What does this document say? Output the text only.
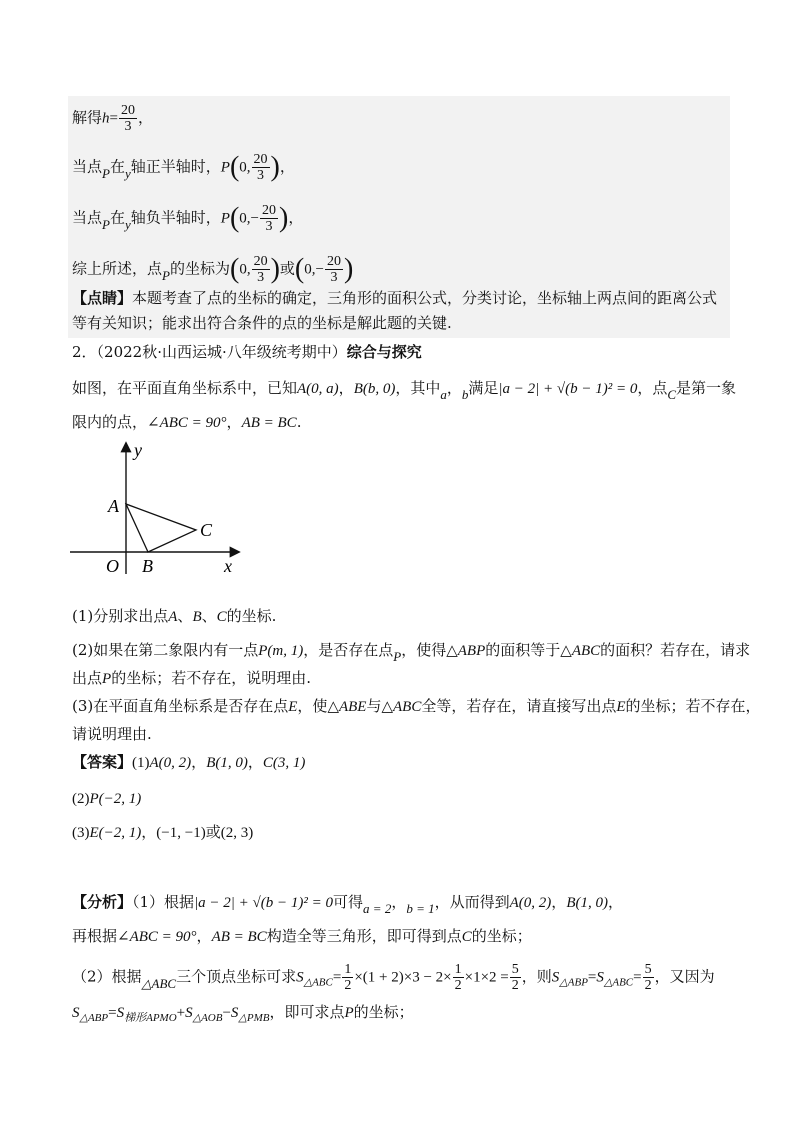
解得$h= \frac{20}{3}$ ，
当点P在y轴正半轴时，P(0, $\frac{20}{3}$ )，
当点P在y轴负半轴时，$P(0,- \frac{20}{3}$ )，
综上所述，点P的坐标为(0, $\frac{20}{3}$ )或($0,- \frac{20}{3}$ )
【点睛】本题考查了点的坐标的确定，三角形的面积公式，分类讨论，坐标轴上两点间的距离公式等有关知识；能求出符合条件的点的坐标是解此题的关键.
2．（2022秋·山西运城·八年级统考期中）综合与探究
如图，在平面直角坐标系中，已知A(0, a)，B(b, 0)，其中a，b满足|a − 2| + √(b − 1)² = 0，点C是第一象
限内的点，∠ABC = 90°，AB = BC.
y
x
A
O B
C
(1)分别求出点A、B、C的坐标.
(2)如果在第二象限内有一点P(m, 1)，是否存在点P，使得△ABP的面积等于△ABC的面积？若存在，请求
出点P的坐标；若不存在，说明理由.
(3)在平面直角坐标系是否存在点E，使△ABE与△ABC全等，若存在，请直接写出点E的坐标；若不存在，
请说明理由.
【答案】(1)A(0, 2)，B(1, 0)，C(3, 1)
(2)P(−2, 1)
(3)E(−2, 1)，(−1, −1)或(2, 3)
【分析】（1）根据|a − 2| + √(b − 1)² = 0可得a = 2，b = 1，从而得到A(0, 2)，B(1, 0)，
再根据∠ABC = 90°，AB = BC构造全等三角形，即可得到点C的坐标；
（2）根据△ABC三个顶点坐标可求$S_{\triangle ABC}= \frac{1}{2} \times(1 + 2)\times 3 - 2\times \frac{1}{2} \times 1\times 2 = \frac{5}{2}$ ，则$S_{\triangle ABP}=S_{\triangle ABC}= \frac{5}{2}$ ，又因为
$S_{\triangle ABP}=S_{梯形APMO}+S_{\triangle AOB}-S_{\triangle PMB}$，即可求点P的坐标；
